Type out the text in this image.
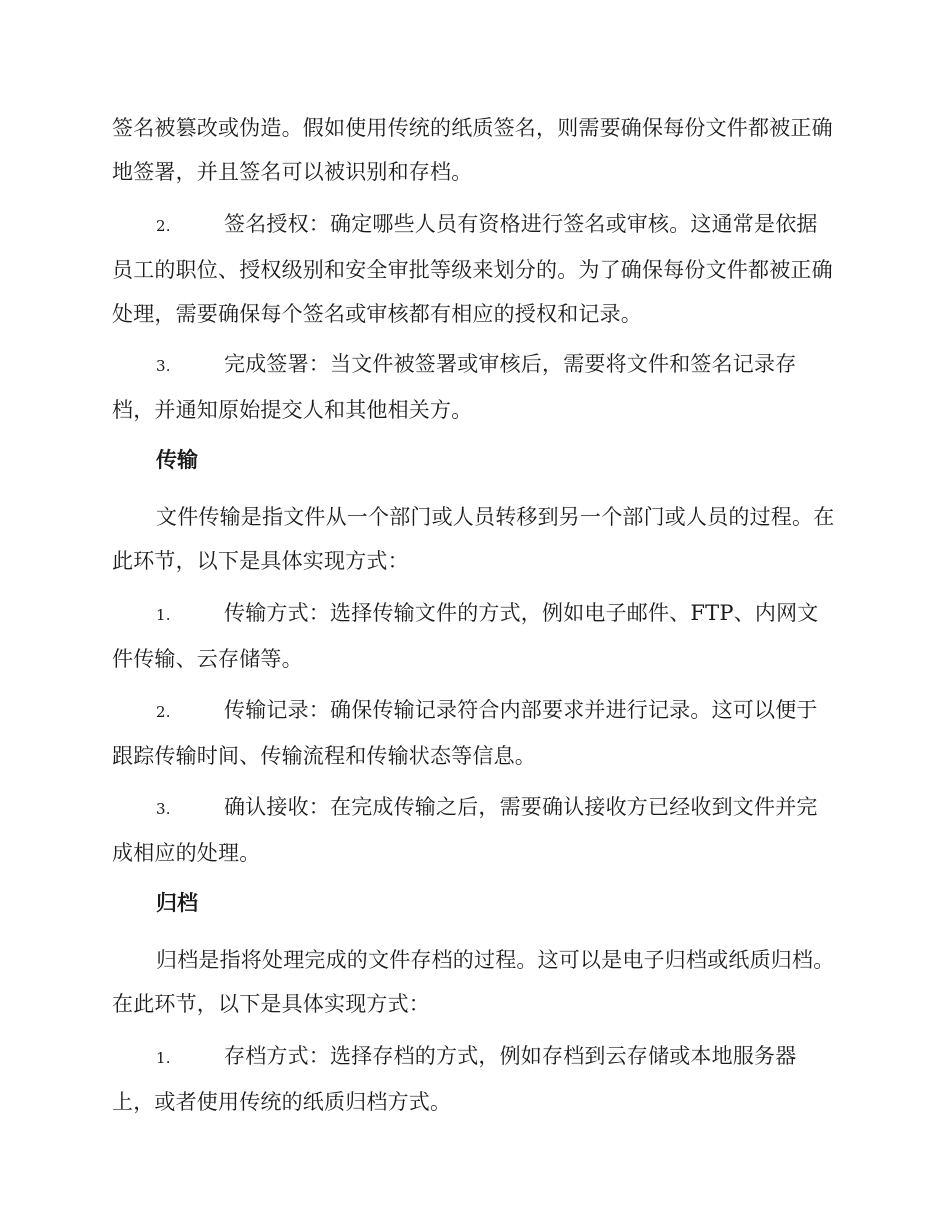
签名被篡改或伪造。假如使用传统的纸质签名，则需要确保每份文件都被正确地签署，并且签名可以被识别和存档。

2.	签名授权：确定哪些人员有资格进行签名或审核。这通常是依据员工的职位、授权级别和安全审批等级来划分的。为了确保每份文件都被正确处理，需要确保每个签名或审核都有相应的授权和记录。

3.	完成签署：当文件被签署或审核后，需要将文件和签名记录存档，并通知原始提交人和其他相关方。

传输

文件传输是指文件从一个部门或人员转移到另一个部门或人员的过程。在此环节，以下是具体实现方式：

1.	传输方式：选择传输文件的方式，例如电子邮件、FTP、内网文件传输、云存储等。

2.	传输记录：确保传输记录符合内部要求并进行记录。这可以便于跟踪传输时间、传输流程和传输状态等信息。

3.	确认接收：在完成传输之后，需要确认接收方已经收到文件并完成相应的处理。

归档

归档是指将处理完成的文件存档的过程。这可以是电子归档或纸质归档。在此环节，以下是具体实现方式：

1.	存档方式：选择存档的方式，例如存档到云存储或本地服务器上，或者使用传统的纸质归档方式。
